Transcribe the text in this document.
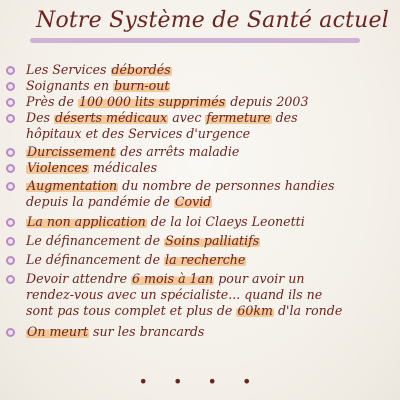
Notre Système de Santé actuel
Les Services débordés
Soignants en burn-out
Près de 100 000 lits supprimés depuis 2003
Des déserts médicaux avec fermeture des
hôpitaux et des Services d'urgence
Durcissement des arrêts maladie
Violences médicales
Augmentation du nombre de personnes handies
depuis la pandémie de Covid
La non application de la loi Claeys Leonetti
Le définancement de Soins palliatifs
Le définancement de la recherche
Devoir attendre 6 mois à 1an pour avoir un
rendez-vous avec un spécialiste... quand ils ne
sont pas tous complet et plus de 60km d'la ronde
On meurt sur les brancards
• • • •
